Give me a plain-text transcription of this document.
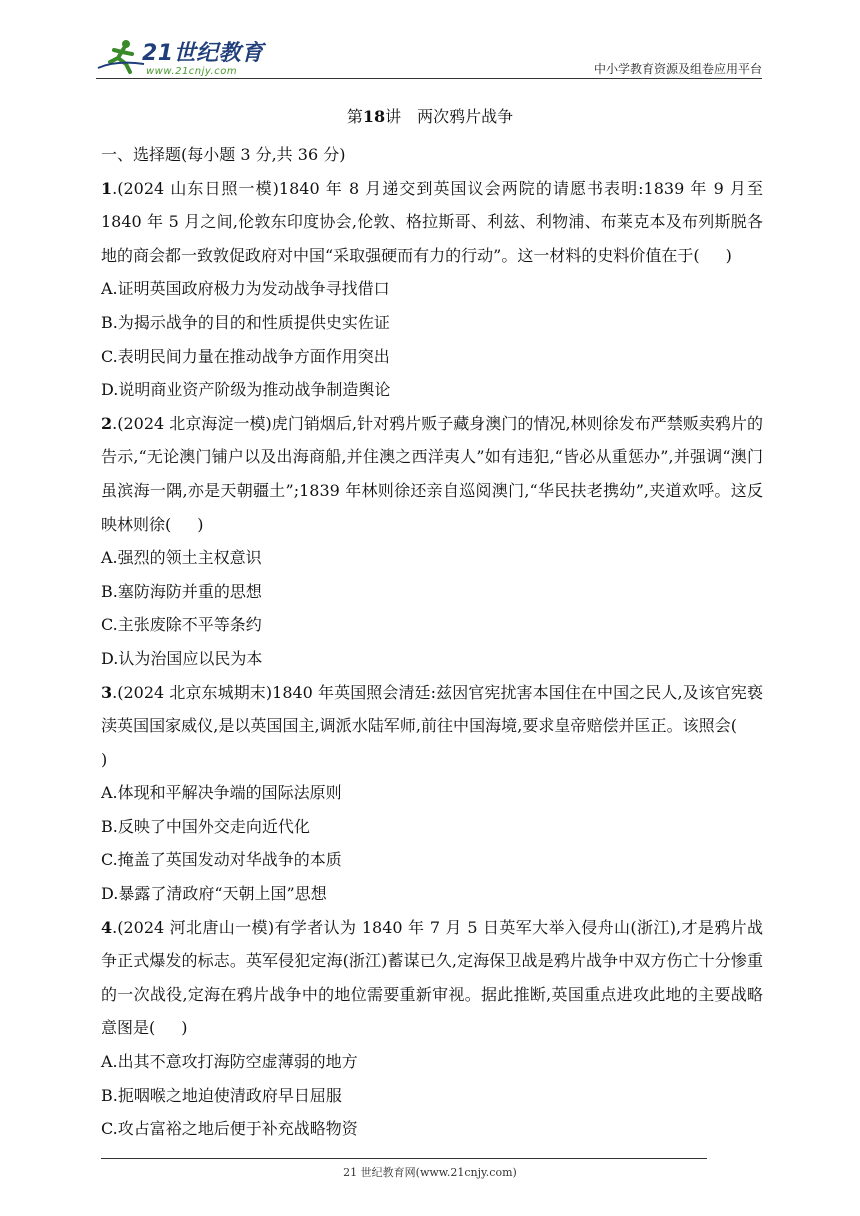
21世纪教育
www.21cnjy.com	中小学教育资源及组卷应用平台
第18讲　两次鸦片战争

一、选择题(每小题 3 分,共 36 分)

1.(2024 山东日照一模)1840 年 8 月递交到英国议会两院的请愿书表明:1839 年 9 月至 1840 年 5 月之间,伦敦东印度协会,伦敦、格拉斯哥、利兹、利物浦、布莱克本及布列斯脱各地的商会都一致敦促政府对中国“采取强硬而有力的行动”。这一材料的史料价值在于( )

A.证明英国政府极力为发动战争寻找借口

B.为揭示战争的目的和性质提供史实佐证

C.表明民间力量在推动战争方面作用突出

D.说明商业资产阶级为推动战争制造舆论

2.(2024 北京海淀一模)虎门销烟后,针对鸦片贩子藏身澳门的情况,林则徐发布严禁贩卖鸦片的告示,“无论澳门铺户以及出海商船,并住澳之西洋夷人”如有违犯,“皆必从重惩办”,并强调“澳门虽滨海一隅,亦是天朝疆土”;1839 年林则徐还亲自巡阅澳门,“华民扶老携幼”,夹道欢呼。这反映林则徐( )

A.强烈的领土主权意识

B.塞防海防并重的思想

C.主张废除不平等条约

D.认为治国应以民为本

3.(2024 北京东城期末)1840 年英国照会清廷:兹因官宪扰害本国住在中国之民人,及该官宪亵渎英国国家威仪,是以英国国主,调派水陆军师,前往中国海境,要求皇帝赔偿并匡正。该照会()

A.体现和平解决争端的国际法原则

B.反映了中国外交走向近代化

C.掩盖了英国发动对华战争的本质

D.暴露了清政府“天朝上国”思想

4.(2024 河北唐山一模)有学者认为 1840 年 7 月 5 日英军大举入侵舟山(浙江),才是鸦片战争正式爆发的标志。英军侵犯定海(浙江)蓄谋已久,定海保卫战是鸦片战争中双方伤亡十分惨重的一次战役,定海在鸦片战争中的地位需要重新审视。据此推断,英国重点进攻此地的主要战略意图是( )

A.出其不意攻打海防空虚薄弱的地方

B.扼咽喉之地迫使清政府早日屈服

C.攻占富裕之地后便于补充战略物资

21 世纪教育网(www.21cnjy.com)
